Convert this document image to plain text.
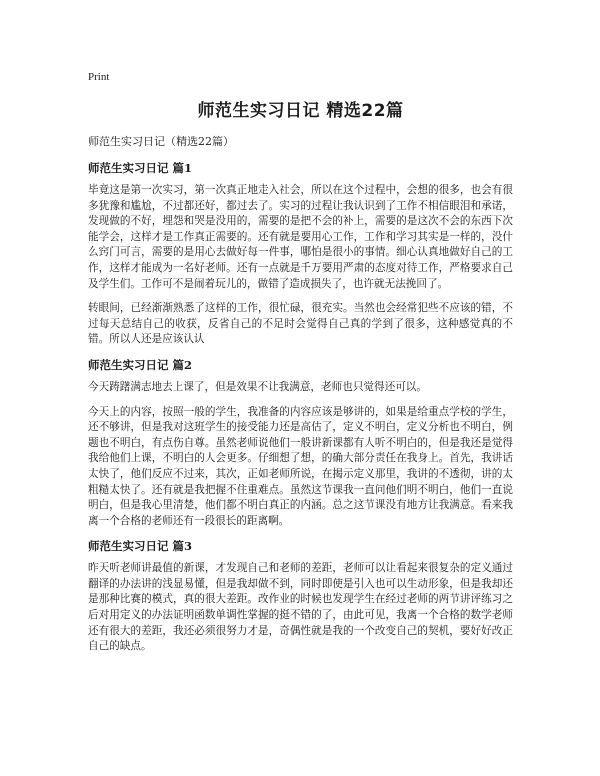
Print
师范生实习日记 精选22篇
师范生实习日记（精选22篇）
师范生实习日记 篇1

毕竟这是第一次实习，第一次真正地走入社会，所以在这个过程中，会想的很多，也会有很多犹豫和尴尬，不过都还好，都过去了。实习的过程让我认识到了工作不相信眼泪和承诺，发现做的不好，埋怨和哭是没用的，需要的是把不会的补上，需要的是这次不会的东西下次能学会，这样才是工作真正需要的。还有就是要用心工作，工作和学习其实是一样的，没什么窍门可言，需要的是用心去做好每一件事，哪怕是很小的事情。细心认真地做好自己的工作，这样才能成为一名好老师。还有一点就是千万要用严肃的态度对待工作，严格要求自己及学生们。工作可不是闹着玩儿的，做错了造成损失了，也许就无法挽回了。

转眼间，已经渐渐熟悉了这样的工作，很忙碌，很充实。当然也会经常犯些不应该的错，不过每天总结自己的收获，反省自己的不足时会觉得自己真的学到了很多，这种感觉真的不错。所以人还是应该认认

师范生实习日记 篇2

今天踌躇满志地去上课了，但是效果不让我满意，老师也只觉得还可以。

今天上的内容，按照一般的学生，我准备的内容应该是够讲的，如果是给重点学校的学生，还不够讲，但是我对这班学生的接受能力还是高估了，定义不明白，定义分析也不明白，例题也不明白，有点伤自尊。虽然老师说他们一般讲新课都有人听不明白的，但是我还是觉得我给他们上课，不明白的人会更多。仔细想了想，的确大部分责任在我身上。首先，我讲话太快了，他们反应不过来，其次，正如老师所说，在揭示定义那里，我讲的不透彻，讲的太粗糙太快了。还有就是我把握不住重难点。虽然这节课我一直问他们明不明白，他们一直说明白，但是我心里清楚，他们都不明白真正的内涵。总之这节课没有地方让我满意。看来我离一个合格的老师还有一段很长的距离啊。

师范生实习日记 篇3

昨天听老师讲最值的新课，才发现自己和老师的差距，老师可以让看起来很复杂的定义通过翻译的办法讲的浅显易懂，但是我却做不到，同时即使是引入也可以生动形象，但是我却还是那种比赛的模式，真的很大差距。改作业的时候也发现学生在经过老师的两节讲评练习之后对用定义的办法证明函数单调性掌握的挺不错的了，由此可见，我离一个合格的数学老师还有很大的差距，我还必须很努力才是，奇偶性就是我的一个改变自己的契机，要好好改正自己的缺点。
